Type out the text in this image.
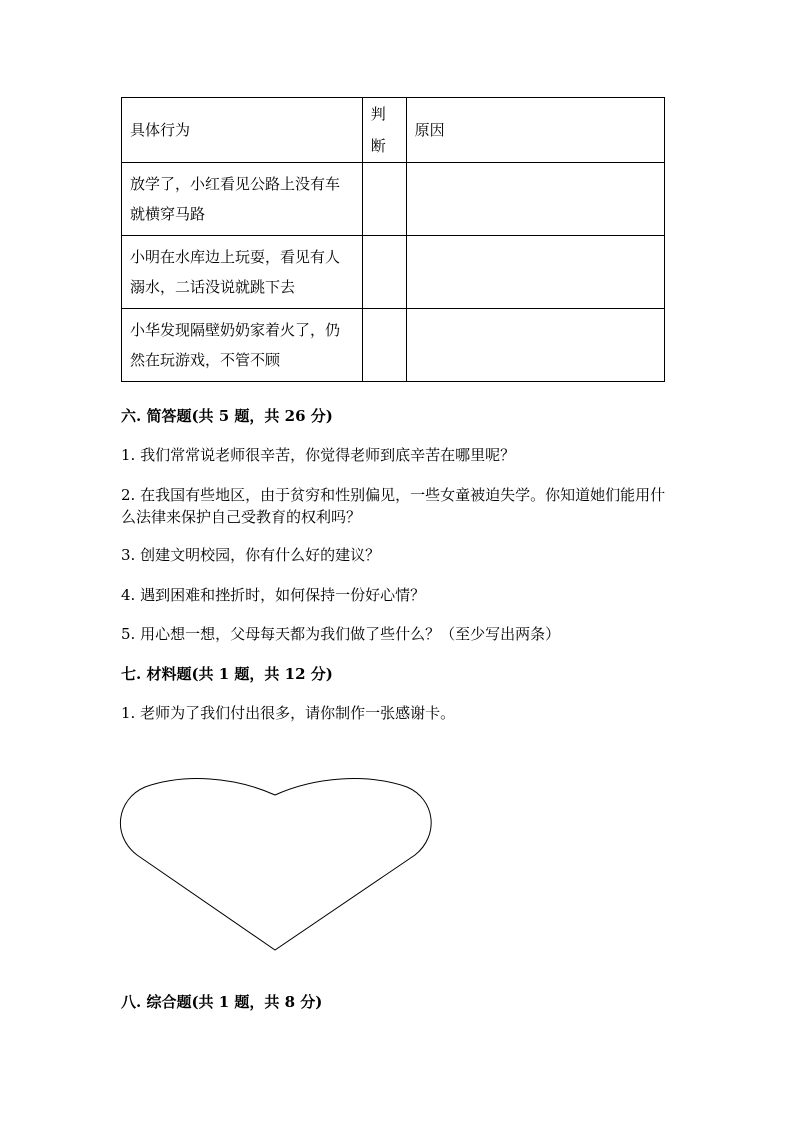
具体行为	判断	原因
放学了，小红看见公路上没有车就横穿马路		
小明在水库边上玩耍，看见有人溺水，二话没说就跳下去		
小华发现隔壁奶奶家着火了，仍然在玩游戏，不管不顾		

六. 简答题(共 5 题，共 26 分)

1. 我们常常说老师很辛苦，你觉得老师到底辛苦在哪里呢？

2. 在我国有些地区，由于贫穷和性别偏见，一些女童被迫失学。你知道她们能用什么法律来保护自己受教育的权利吗？

3. 创建文明校园，你有什么好的建议？

4. 遇到困难和挫折时，如何保持一份好心情？

5. 用心想一想，父母每天都为我们做了些什么？（至少写出两条）

七. 材料题(共 1 题，共 12 分)

1. 老师为了我们付出很多，请你制作一张感谢卡。

八. 综合题(共 1 题，共 8 分)
